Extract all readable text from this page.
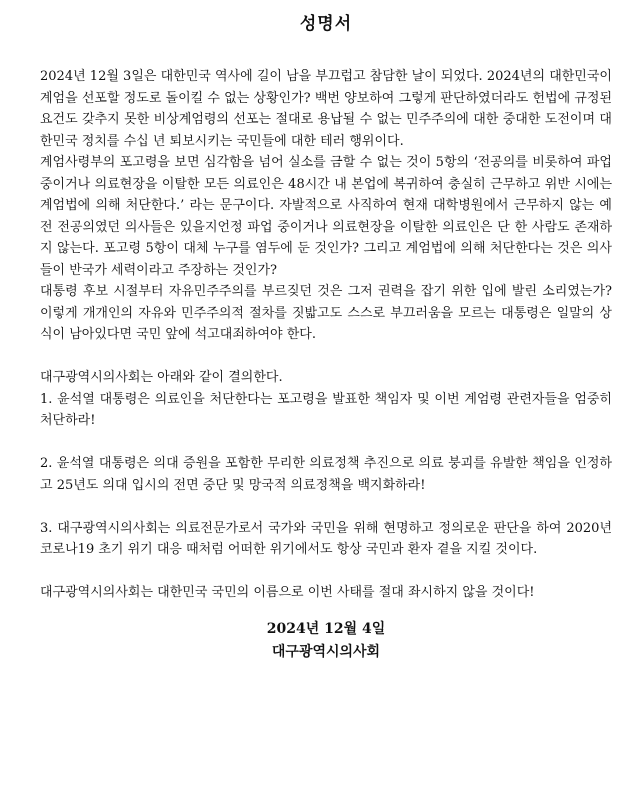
성명서

2024년 12월 3일은 대한민국 역사에 길이 남을 부끄럽고 참담한 날이 되었다. 2024년의 대한민국이 계엄을 선포할 정도로 돌이킬 수 없는 상황인가? 백번 양보하여 그렇게 판단하였더라도 헌법에 규정된 요건도 갖추지 못한 비상계엄령의 선포는 절대로 용납될 수 없는 민주주의에 대한 중대한 도전이며 대한민국 정치를 수십 년 퇴보시키는 국민들에 대한 테러 행위이다.

계엄사령부의 포고령을 보면 심각함을 넘어 실소를 금할 수 없는 것이 5항의 ‘전공의를 비롯하여 파업 중이거나 의료현장을 이탈한 모든 의료인은 48시간 내 본업에 복귀하여 충실히 근무하고 위반 시에는 계엄법에 의해 처단한다.’ 라는 문구이다. 자발적으로 사직하여 현재 대학병원에서 근무하지 않는 예전 전공의였던 의사들은 있을지언정 파업 중이거나 의료현장을 이탈한 의료인은 단 한 사람도 존재하지 않는다. 포고령 5항이 대체 누구를 염두에 둔 것인가? 그리고 계엄법에 의해 처단한다는 것은 의사들이 반국가 세력이라고 주장하는 것인가?

대통령 후보 시절부터 자유민주주의를 부르짖던 것은 그저 권력을 잡기 위한 입에 발린 소리였는가? 이렇게 개개인의 자유와 민주주의적 절차를 짓밟고도 스스로 부끄러움을 모르는 대통령은 일말의 상식이 남아있다면 국민 앞에 석고대죄하여야 한다.

대구광역시의사회는 아래와 같이 결의한다.

1. 윤석열 대통령은 의료인을 처단한다는 포고령을 발표한 책임자 및 이번 계엄령 관련자들을 엄중히 처단하라!

2. 윤석열 대통령은 의대 증원을 포함한 무리한 의료정책 추진으로 의료 붕괴를 유발한 책임을 인정하고 25년도 의대 입시의 전면 중단 및 망국적 의료정책을 백지화하라!

3. 대구광역시의사회는 의료전문가로서 국가와 국민을 위해 현명하고 정의로운 판단을 하여 2020년 코로나19 초기 위기 대응 때처럼 어떠한 위기에서도 항상 국민과 환자 곁을 지킬 것이다.

대구광역시의사회는 대한민국 국민의 이름으로 이번 사태를 절대 좌시하지 않을 것이다!

2024년 12월 4일

대구광역시의사회
